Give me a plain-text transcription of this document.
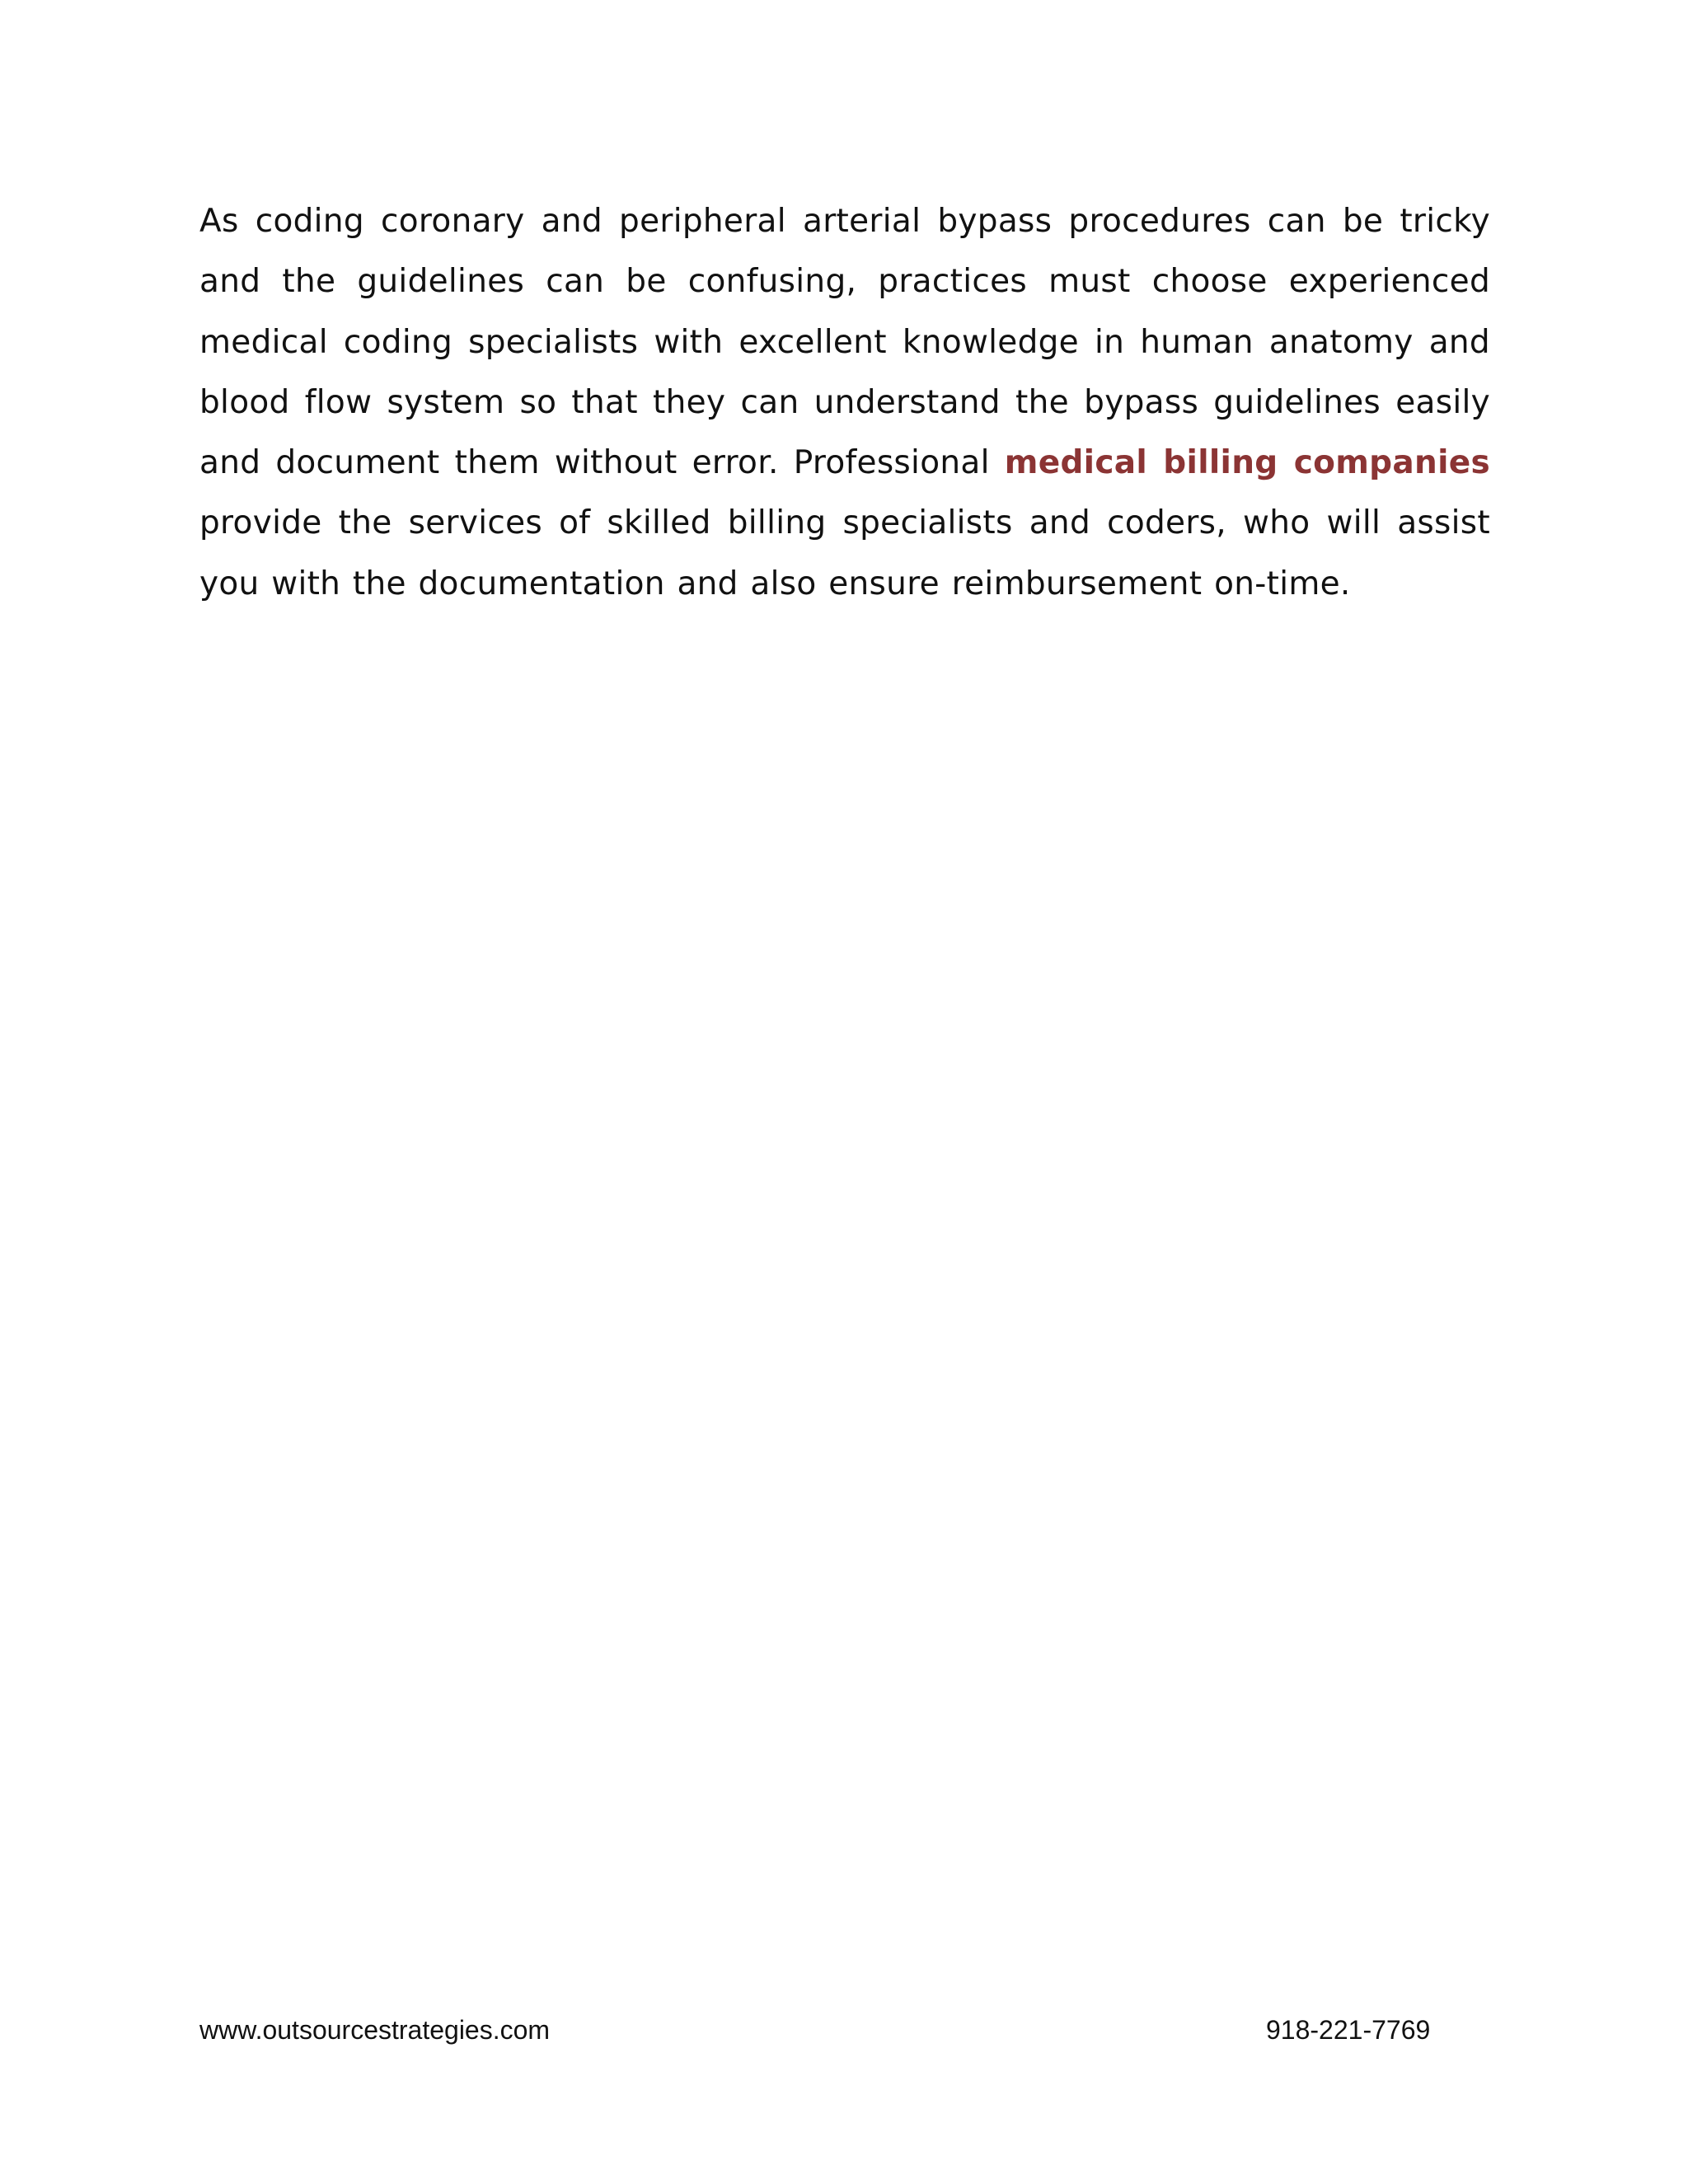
As coding coronary and peripheral arterial bypass procedures can be tricky and the guidelines can be confusing, practices must choose experienced medical coding specialists with excellent knowledge in human anatomy and blood flow system so that they can understand the bypass guidelines easily and document them without error. Professional medical billing companies provide the services of skilled billing specialists and coders, who will assist you with the documentation and also ensure reimbursement on-time.

www.outsourcestrategies.com	918-221-7769
